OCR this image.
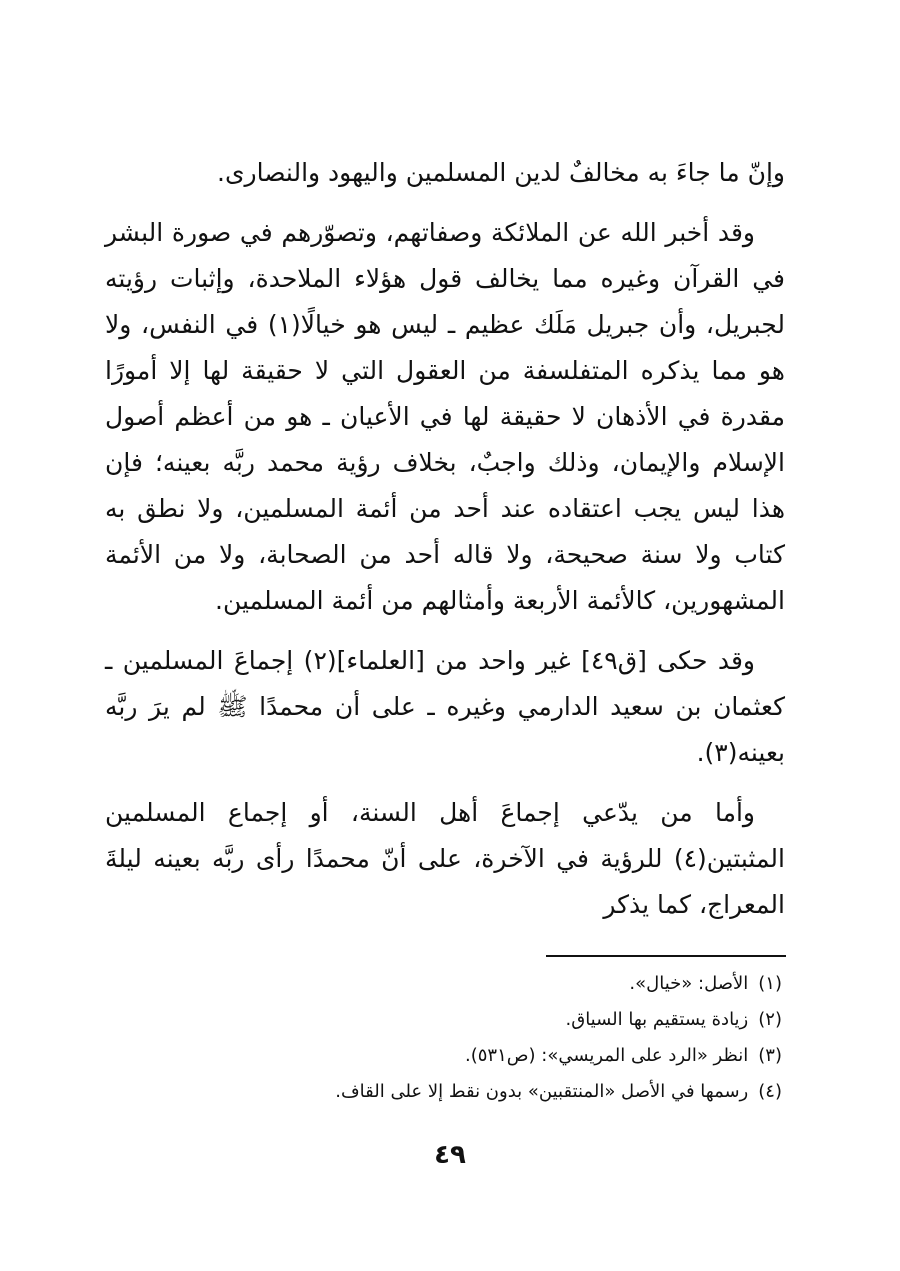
وإنّ ما جاءَ به مخالفٌ لدين المسلمين واليهود والنصارى.

وقد أخبر الله عن الملائكة وصفاتهم، وتصوّرهم في صورة البشر في القرآن وغيره مما يخالف قول هؤلاء الملاحدة، وإثبات رؤيته لجبريل، وأن جبريل مَلَك عظيم ـ ليس هو خيالًا(١) في النفس، ولا هو مما يذكره المتفلسفة من العقول التي لا حقيقة لها إلا أمورًا مقدرة في الأذهان لا حقيقة لها في الأعيان ـ هو من أعظم أصول الإسلام والإيمان، وذلك واجبٌ، بخلاف رؤية محمد ربَّه بعينه؛ فإن هذا ليس يجب اعتقاده عند أحد من أئمة المسلمين، ولا نطق به كتاب ولا سنة صحيحة، ولا قاله أحد من الصحابة، ولا من الأئمة المشهورين، كالأئمة الأربعة وأمثالهم من أئمة المسلمين.

وقد حكى [ق٤٩] غير واحد من [العلماء](٢) إجماعَ المسلمين ـ كعثمان بن سعيد الدارمي وغيره ـ على أن محمدًا ﷺ لم يرَ ربَّه بعينه(٣).

وأما من يدّعي إجماعَ أهل السنة، أو إجماع المسلمين المثبتين(٤) للرؤية في الآخرة، على أنّ محمدًا رأى ربَّه بعينه ليلةَ المعراج، كما يذكر

(١)الأصل: «خيال».

(٢)زيادة يستقيم بها السياق.

(٣)انظر «الرد على المريسي»: (ص٥٣١).

(٤)رسمها في الأصل «المنتقبين» بدون نقط إلا على القاف.

٤٩
